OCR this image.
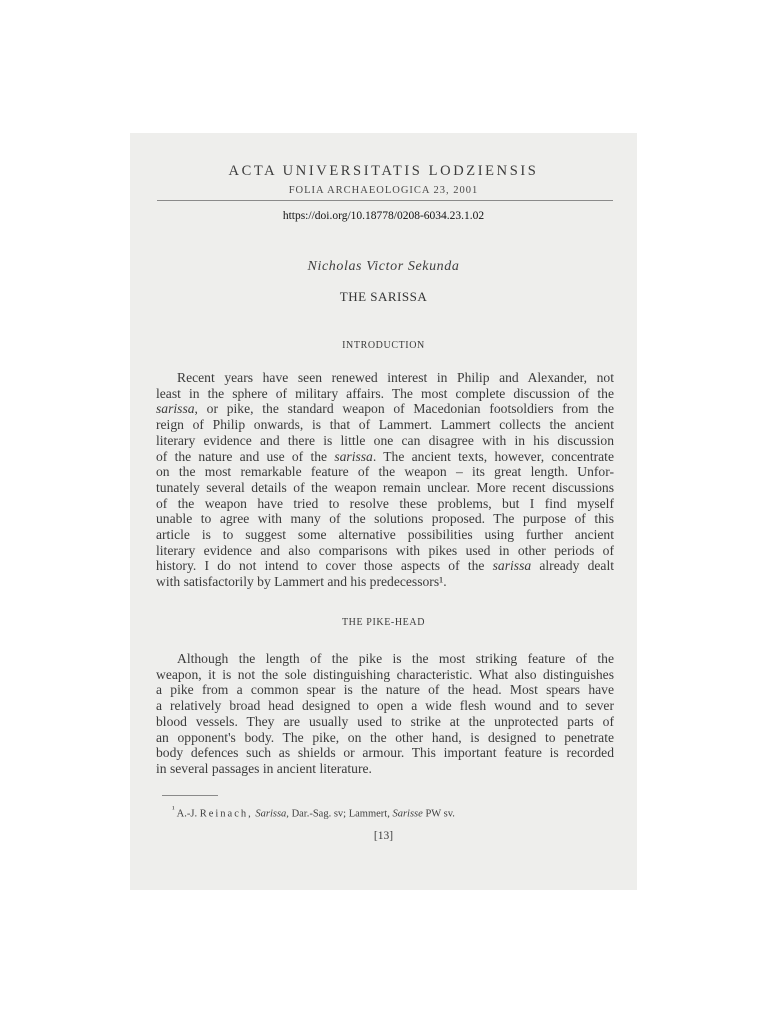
ACTA UNIVERSITATIS LODZIENSIS
FOLIA ARCHAEOLOGICA 23, 2001
https://doi.org/10.18778/0208-6034.23.1.02
Nicholas Victor Sekunda
THE SARISSA
INTRODUCTION
Recent years have seen renewed interest in Philip and Alexander, not
least in the sphere of military affairs. The most complete discussion of the
sarissa, or pike, the standard weapon of Macedonian footsoldiers from the
reign of Philip onwards, is that of Lammert. Lammert collects the ancient
literary evidence and there is little one can disagree with in his discussion
of the nature and use of the sarissa. The ancient texts, however, concentrate
on the most remarkable feature of the weapon – its great length. Unfor-
tunately several details of the weapon remain unclear. More recent discussions
of the weapon have tried to resolve these problems, but I find myself
unable to agree with many of the solutions proposed. The purpose of this
article is to suggest some alternative possibilities using further ancient
literary evidence and also comparisons with pikes used in other periods of
history. I do not intend to cover those aspects of the sarissa already dealt
with satisfactorily by Lammert and his predecessors¹.
THE PIKE-HEAD
Although the length of the pike is the most striking feature of the
weapon, it is not the sole distinguishing characteristic. What also distinguishes
a pike from a common spear is the nature of the head. Most spears have
a relatively broad head designed to open a wide flesh wound and to sever
blood vessels. They are usually used to strike at the unprotected parts of
an opponent's body. The pike, on the other hand, is designed to penetrate
body defences such as shields or armour. This important feature is recorded
in several passages in ancient literature.
$^{^1}$ A.-J. Reinach, Sarissa, Dar.-Sag. sv; Lammert, Sarisse PW sv.
[13]
